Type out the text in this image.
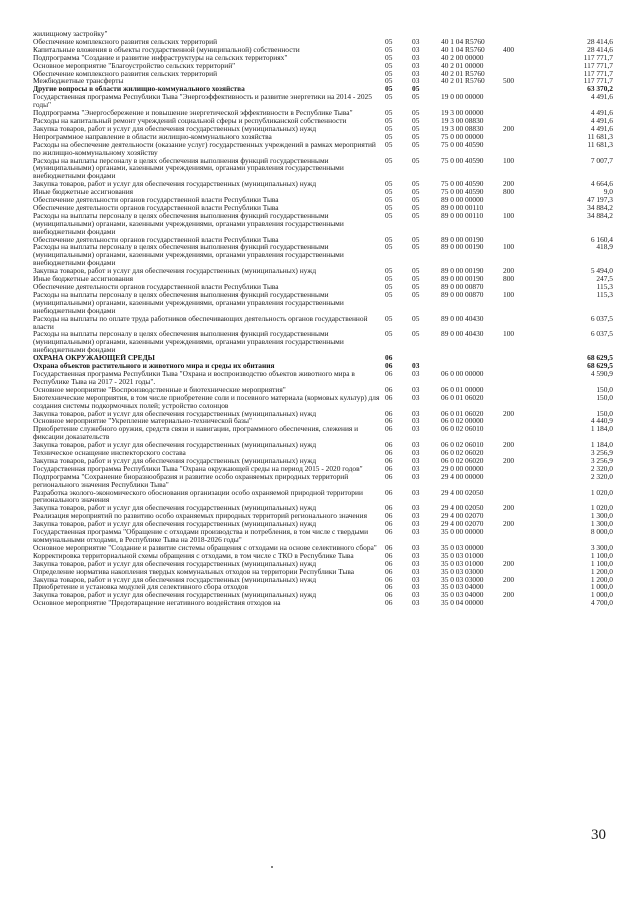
жилищному застройку"					
Обеспечение комплексного развития сельских территорий	05	03	40 1 04 R5760		28 414,6
Капитальные вложения в объекты государственной (муниципальной) собственности	05	03	40 1 04 R5760	400	28 414,6
Подпрограмма "Создание и развитие инфраструктуры на сельских территориях"	05	03	40 2 00 00000		117 771,7
Основное мероприятие "Благоустройство сельских территорий"	05	03	40 2 01 00000		117 771,7
Обеспечение комплексного развития сельских территорий	05	03	40 2 01 R5760		117 771,7
Межбюджетные трансферты	05	03	40 2 01 R5760	500	117 771,7
Другие вопросы в области жилищно-коммунального хозяйства	05	05			63 370,2
Государственная программа Республики Тыва "Энергоэффективность и развитие энергетики на 2014 - 2025 годы"	05	05	19 0 00 00000		4 491,6
Подпрограмма "Энергосбережение и повышение энергетической эффективности в Республике Тыва"	05	05	19 3 00 00000		4 491,6
Расходы на капитальный ремонт учреждений социальной сферы и республиканской собственности	05	05	19 3 00 08830		4 491,6
Закупка товаров, работ и услуг для обеспечения государственных (муниципальных) нужд	05	05	19 3 00 08830	200	4 491,6
Непрограммное направление в области жилищно-коммунального хозяйства	05	05	75 0 00 00000		11 681,3
Расходы на обеспечение деятельности (оказание услуг) государственных учреждений в рамках мероприятий по жилищно-коммунальному хозяйству	05	05	75 0 00 40590		11 681,3
Расходы на выплаты персоналу в целях обеспечения выполнения функций государственными (муниципальными) органами, казенными учреждениями, органами управления государственными внебюджетными фондами	05	05	75 0 00 40590	100	7 007,7
Закупка товаров, работ и услуг для обеспечения государственных (муниципальных) нужд	05	05	75 0 00 40590	200	4 664,6
Иные бюджетные ассигнования	05	05	75 0 00 40590	800	9,0
Обеспечение деятельности органов государственной власти Республики Тыва	05	05	89 0 00 00000		47 197,3
Обеспечение деятельности органов государственной власти Республики Тыва	05	05	89 0 00 00110		34 884,2
Расходы на выплаты персоналу в целях обеспечения выполнения функций государственными (муниципальными) органами, казенными учреждениями, органами управления государственными внебюджетными фондами	05	05	89 0 00 00110	100	34 884,2
Обеспечение деятельности органов государственной власти Республики Тыва	05	05	89 0 00 00190		6 160,4
Расходы на выплаты персоналу в целях обеспечения выполнения функций государственными (муниципальными) органами, казенными учреждениями, органами управления государственными внебюджетными фондами	05	05	89 0 00 00190	100	418,9
Закупка товаров, работ и услуг для обеспечения государственных (муниципальных) нужд	05	05	89 0 00 00190	200	5 494,0
Иные бюджетные ассигнования	05	05	89 0 00 00190	800	247,5
Обеспечение деятельности органов государственной власти Республики Тыва	05	05	89 0 00 00870		115,3
Расходы на выплаты персоналу в целях обеспечения выполнения функций государственными (муниципальными) органами, казенными учреждениями, органами управления государственными внебюджетными фондами	05	05	89 0 00 00870	100	115,3
Расходы на выплаты по оплате труда работников обеспечивающих деятельность органов государственной власти	05	05	89 0 00 40430		6 037,5
Расходы на выплаты персоналу в целях обеспечения выполнения функций государственными (муниципальными) органами, казенными учреждениями, органами управления государственными внебюджетными фондами	05	05	89 0 00 40430	100	6 037,5
ОХРАНА ОКРУЖАЮЩЕЙ СРЕДЫ	06				68 629,5
Охрана объектов растительного и животного мира и среды их обитания	06	03			68 629,5
Государственная программа Республики Тыва "Охрана и воспроизводство объектов животного мира в Республике Тыва на 2017 - 2021 годы".	06	03	06 0 00 00000		4 590,9
Основное мероприятие "Воспроизводственные и биотехнические мероприятия"	06	03	06 0 01 00000		150,0
Биотехнические мероприятия, в том числе приобретение соли и посевного материала (кормовых культур) для создания системы подкормочных полей; устройство солонцов	06	03	06 0 01 06020		150,0
Закупка товаров, работ и услуг для обеспечения государственных (муниципальных) нужд	06	03	06 0 01 06020	200	150,0
Основное мероприятие "Укрепление материально-технической базы"	06	03	06 0 02 00000		4 440,9
Приобретение служебного оружия, средств связи и навигации, программного обеспечения, слежения и фиксации доказательств	06	03	06 0 02 06010		1 184,0
Закупка товаров, работ и услуг для обеспечения государственных (муниципальных) нужд	06	03	06 0 02 06010	200	1 184,0
Техническое оснащение инспекторского состава	06	03	06 0 02 06020		3 256,9
Закупка товаров, работ и услуг для обеспечения государственных (муниципальных) нужд	06	03	06 0 02 06020	200	3 256,9
Государственная программа Республики Тыва "Охрана окружающей среды на период 2015 - 2020 годов"	06	03	29 0 00 00000		2 320,0
Подпрограмма "Сохранение биоразнообразия и развитие особо охраняемых природных территорий регионального значения Республики Тыва"	06	03	29 4 00 00000		2 320,0
Разработка эколого-экономического обоснования организации особо охраняемой природной территории регионального значения	06	03	29 4 00 02050		1 020,0
Закупка товаров, работ и услуг для обеспечения государственных (муниципальных) нужд	06	03	29 4 00 02050	200	1 020,0
Реализация мероприятий по развитию особо охраняемых природных территорий регионального значения	06	03	29 4 00 02070		1 300,0
Закупка товаров, работ и услуг для обеспечения государственных (муниципальных) нужд	06	03	29 4 00 02070	200	1 300,0
Государственная программа "Обращение с отходами производства и потребления, в том числе с твердыми коммунальными отходами, в Республике Тыва на 2018-2026 годы"	06	03	35 0 00 00000		8 000,0
Основное мероприятие "Создание и развитие системы обращения с отходами на основе селективного сбора"	06	03	35 0 03 00000		3 300,0
Корректировка территориальной схемы обращения с отходами, в том числе с ТКО в Республике Тыва	06	03	35 0 03 01000		1 100,0
Закупка товаров, работ и услуг для обеспечения государственных (муниципальных) нужд	06	03	35 0 03 01000	200	1 100,0
Определение норматива накопления твердых коммунальных отходов на территории Республики Тыва	06	03	35 0 03 03000		1 200,0
Закупка товаров, работ и услуг для обеспечения государственных (муниципальных) нужд	06	03	35 0 03 03000	200	1 200,0
Приобретение и установка модулей для селективного сбора отходов	06	03	35 0 03 04000		1 000,0
Закупка товаров, работ и услуг для обеспечения государственных (муниципальных) нужд	06	03	35 0 03 04000	200	1 000,0
Основное мероприятие "Предотвращение негативного воздействия отходов на	06	03	35 0 04 00000		4 700,0
30
